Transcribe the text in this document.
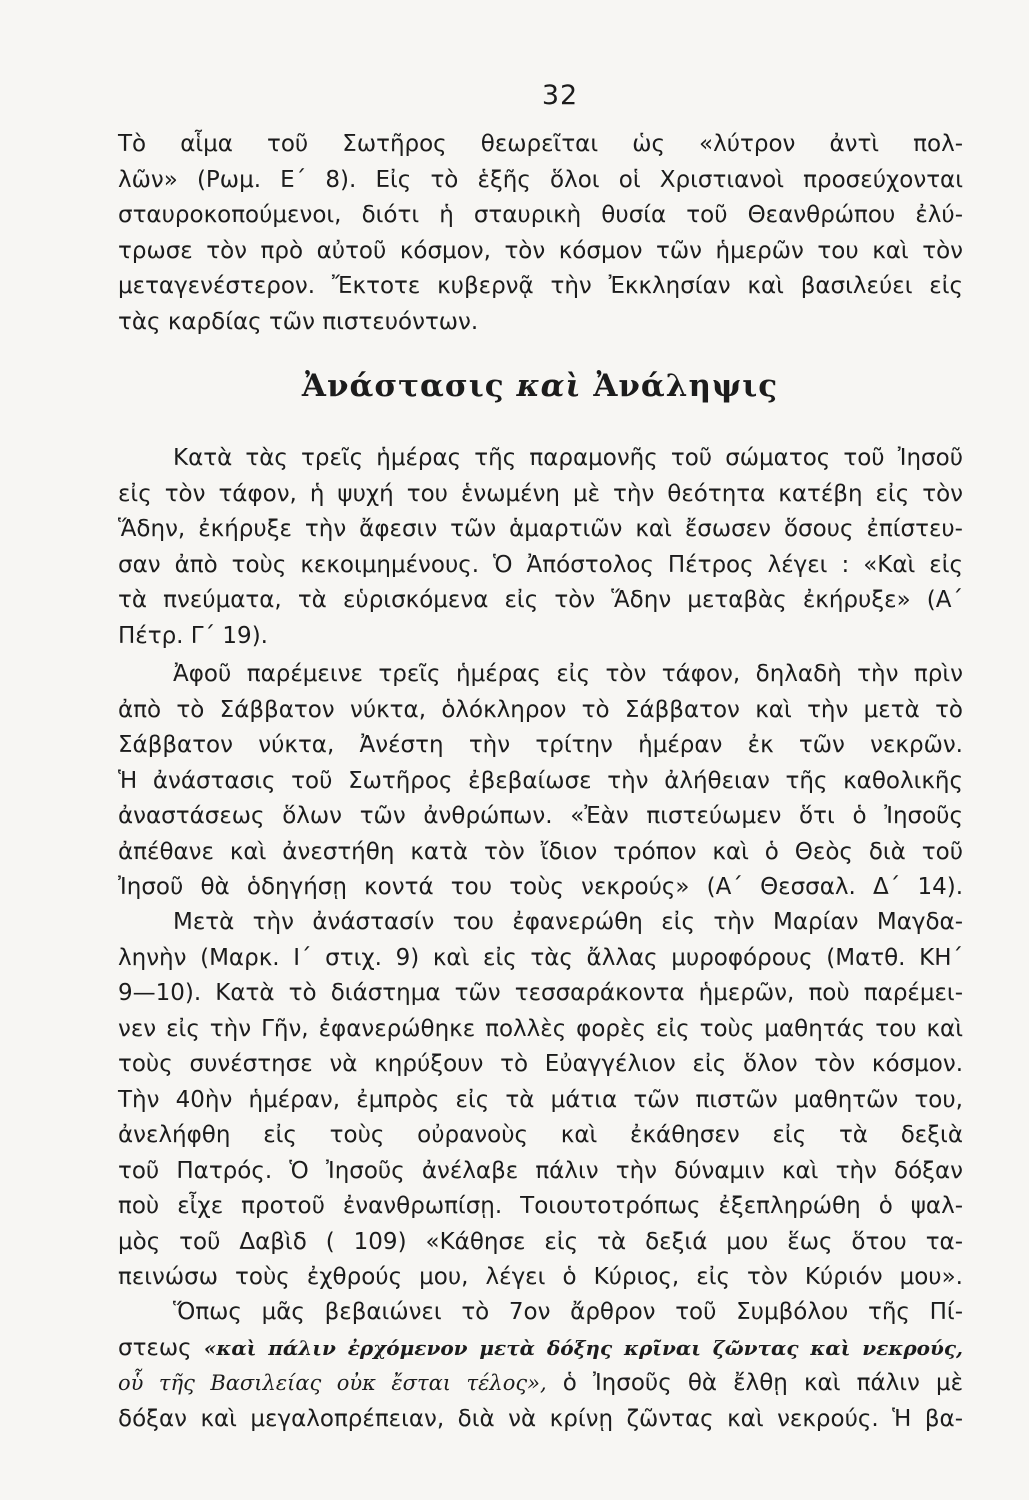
32
Τὸ αἷμα τοῦ Σωτῆρος θεωρεῖται ὡς «λύτρον ἀντὶ πολ-
λῶν» (Ρωμ. Ε΄ 8). Εἰς τὸ ἑξῆς ὅλοι οἱ Χριστιανοὶ προσεύχονται
σταυροκοπούμενοι, διότι ἡ σταυρικὴ θυσία τοῦ Θεανθρώπου ἐλύ-
τρωσε τὸν πρὸ αὐτοῦ κόσμον, τὸν κόσμον τῶν ἡμερῶν του καὶ τὸν
μεταγενέστερον. Ἔκτοτε κυβερνᾷ τὴν Ἐκκλησίαν καὶ βασιλεύει εἰς
τὰς καρδίας τῶν πιστευόντων.
Ἀνάστασις καὶ Ἀνάληψις
Κατὰ τὰς τρεῖς ἡμέρας τῆς παραμονῆς τοῦ σώματος τοῦ Ἰησοῦ
εἰς τὸν τάφον, ἡ ψυχή του ἑνωμένη μὲ τὴν θεότητα κατέβη εἰς τὸν
Ἅδην, ἐκήρυξε τὴν ἄφεσιν τῶν ἁμαρτιῶν καὶ ἔσωσεν ὅσους ἐπίστευ-
σαν ἀπὸ τοὺς κεκοιμημένους. Ὁ Ἀπόστολος Πέτρος λέγει : «Καὶ εἰς
τὰ πνεύματα, τὰ εὑρισκόμενα εἰς τὸν Ἅδην μεταβὰς ἐκήρυξε» (Α΄
Πέτρ. Γ΄ 19).
Ἀφοῦ παρέμεινε τρεῖς ἡμέρας εἰς τὸν τάφον, δηλαδὴ τὴν πρὶν
ἀπὸ τὸ Σάββατον νύκτα, ὁλόκληρον τὸ Σάββατον καὶ τὴν μετὰ τὸ
Σάββατον νύκτα, Ἀνέστη τὴν τρίτην ἡμέραν ἐκ τῶν νεκρῶν.
Ἡ ἀνάστασις τοῦ Σωτῆρος ἐβεβαίωσε τὴν ἀλήθειαν τῆς καθολικῆς
ἀναστάσεως ὅλων τῶν ἀνθρώπων. «Ἐὰν πιστεύωμεν ὅτι ὁ Ἰησοῦς
ἀπέθανε καὶ ἀνεστήθη κατὰ τὸν ἴδιον τρόπον καὶ ὁ Θεὸς διὰ τοῦ
Ἰησοῦ θὰ ὁδηγήσῃ κοντά του τοὺς νεκρούς» (Α΄ Θεσσαλ. Δ΄ 14).
Μετὰ τὴν ἀνάστασίν του ἐφανερώθη εἰς τὴν Μαρίαν Μαγδα-
ληνὴν (Μαρκ. Ι΄ στιχ. 9) καὶ εἰς τὰς ἄλλας μυροφόρους (Ματθ. ΚΗ΄
9—10). Κατὰ τὸ διάστημα τῶν τεσσαράκοντα ἡμερῶν, ποὺ παρέμει-
νεν εἰς τὴν Γῆν, ἐφανερώθηκε πολλὲς φορὲς εἰς τοὺς μαθητάς του καὶ
τοὺς συνέστησε νὰ κηρύξουν τὸ Εὐαγγέλιον εἰς ὅλον τὸν κόσμον.
Τὴν 40ὴν ἡμέραν, ἐμπρὸς εἰς τὰ μάτια τῶν πιστῶν μαθητῶν του,
ἀνελήφθη εἰς τοὺς οὐρανοὺς καὶ ἐκάθησεν εἰς τὰ δεξιὰ
τοῦ Πατρός. Ὁ Ἰησοῦς ἀνέλαβε πάλιν τὴν δύναμιν καὶ τὴν δόξαν
ποὺ εἶχε προτοῦ ἐνανθρωπίσῃ. Τοιουτοτρόπως ἐξεπληρώθη ὁ ψαλ-
μὸς τοῦ Δαβὶδ ( 109) «Κάθησε εἰς τὰ δεξιά μου ἕως ὅτου τα-
πεινώσω τοὺς ἐχθρούς μου, λέγει ὁ Κύριος, εἰς τὸν Κύριόν μου».
Ὅπως μᾶς βεβαιώνει τὸ 7ον ἄρθρον τοῦ Συμβόλου τῆς Πί-
στεως «καὶ πάλιν ἐρχόμενον μετὰ δόξης κρῖναι ζῶντας καὶ νεκρούς,
οὗ τῆς Βασιλείας οὐκ ἔσται τέλος», ὁ Ἰησοῦς θὰ ἔλθῃ καὶ πάλιν μὲ
δόξαν καὶ μεγαλοπρέπειαν, διὰ νὰ κρίνῃ ζῶντας καὶ νεκρούς. Ἡ βα-
